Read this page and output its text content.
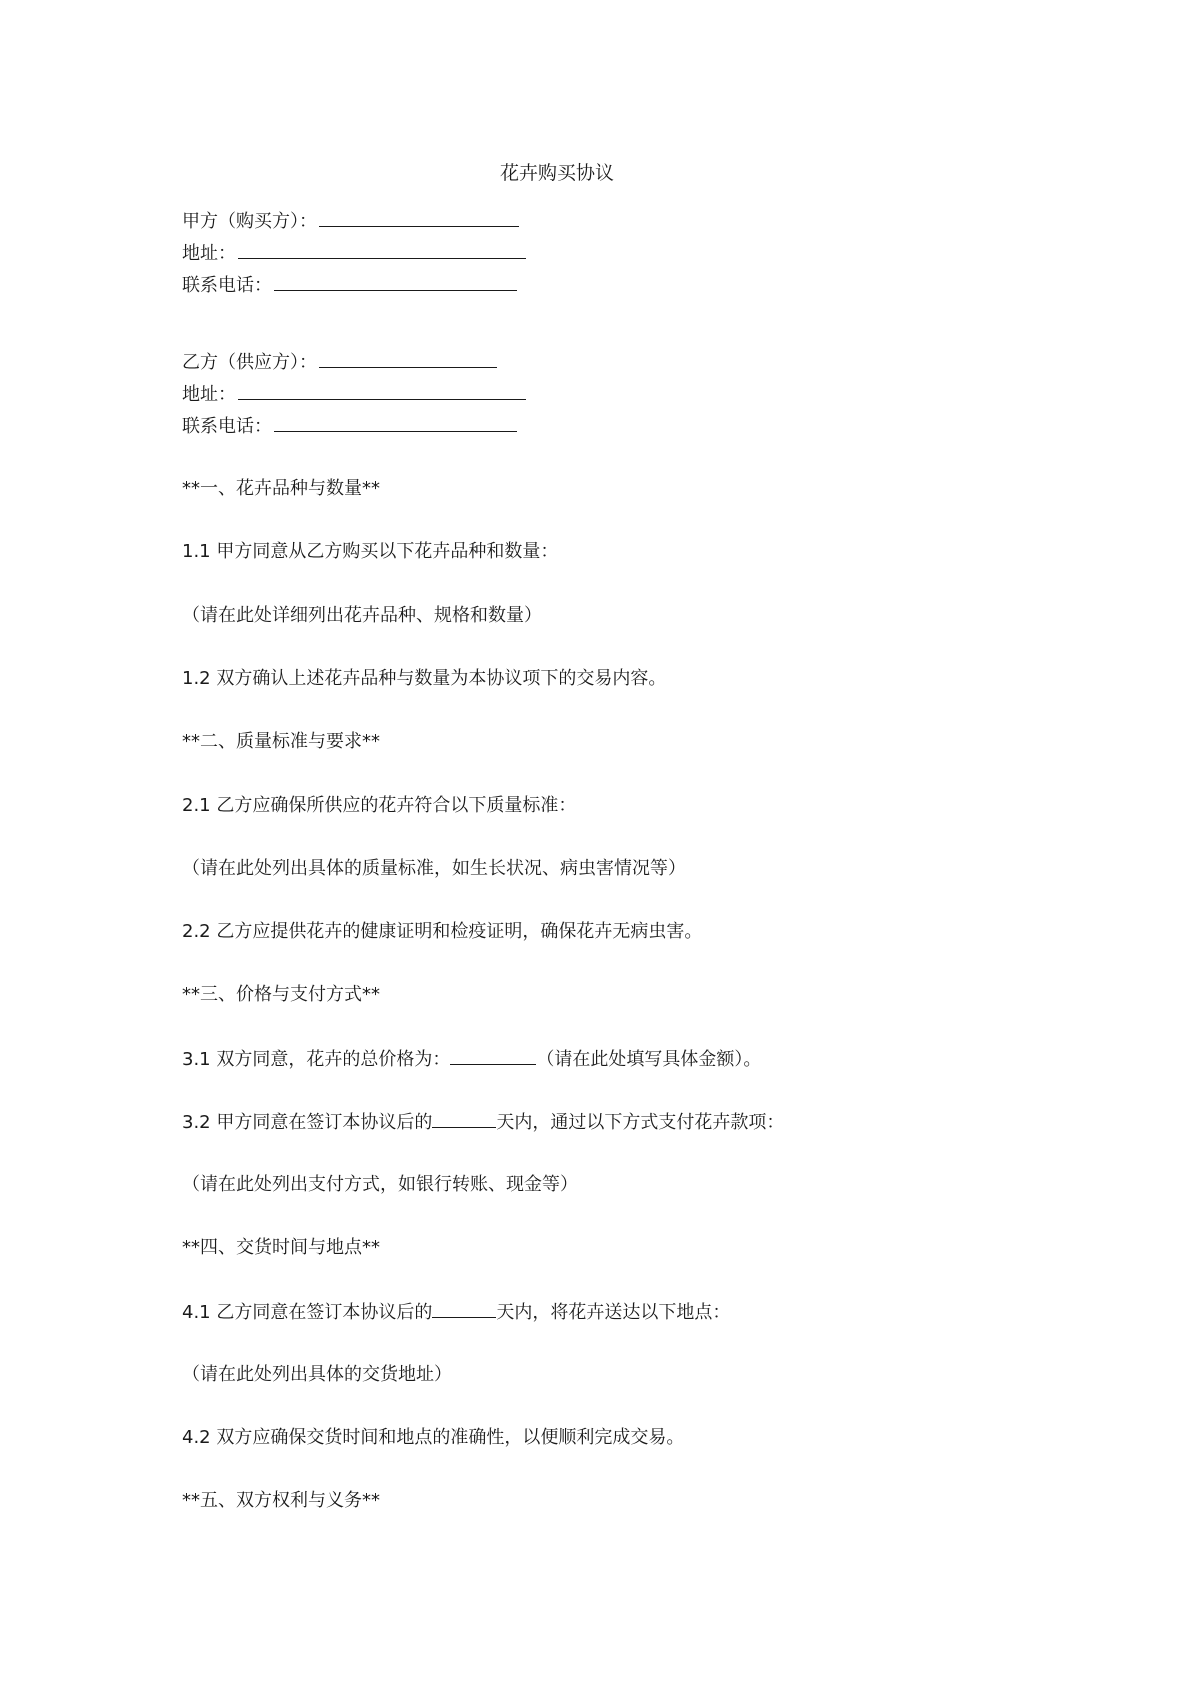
花卉购买协议
甲方（购买方）：
地址：
联系电话：
乙方（供应方）：
地址：
联系电话：
**一、花卉品种与数量**
1.1 甲方同意从乙方购买以下花卉品种和数量：
（请在此处详细列出花卉品种、规格和数量）
1.2 双方确认上述花卉品种与数量为本协议项下的交易内容。
**二、质量标准与要求**
2.1 乙方应确保所供应的花卉符合以下质量标准：
（请在此处列出具体的质量标准，如生长状况、病虫害情况等）
2.2 乙方应提供花卉的健康证明和检疫证明，确保花卉无病虫害。
**三、价格与支付方式**
3.1 双方同意，花卉的总价格为：	（请在此处填写具体金额）。
3.2 甲方同意在签订本协议后的	天内，通过以下方式支付花卉款项：
（请在此处列出支付方式，如银行转账、现金等）
**四、交货时间与地点**
4.1 乙方同意在签订本协议后的	天内，将花卉送达以下地点：
（请在此处列出具体的交货地址）
4.2 双方应确保交货时间和地点的准确性，以便顺利完成交易。
**五、双方权利与义务**
